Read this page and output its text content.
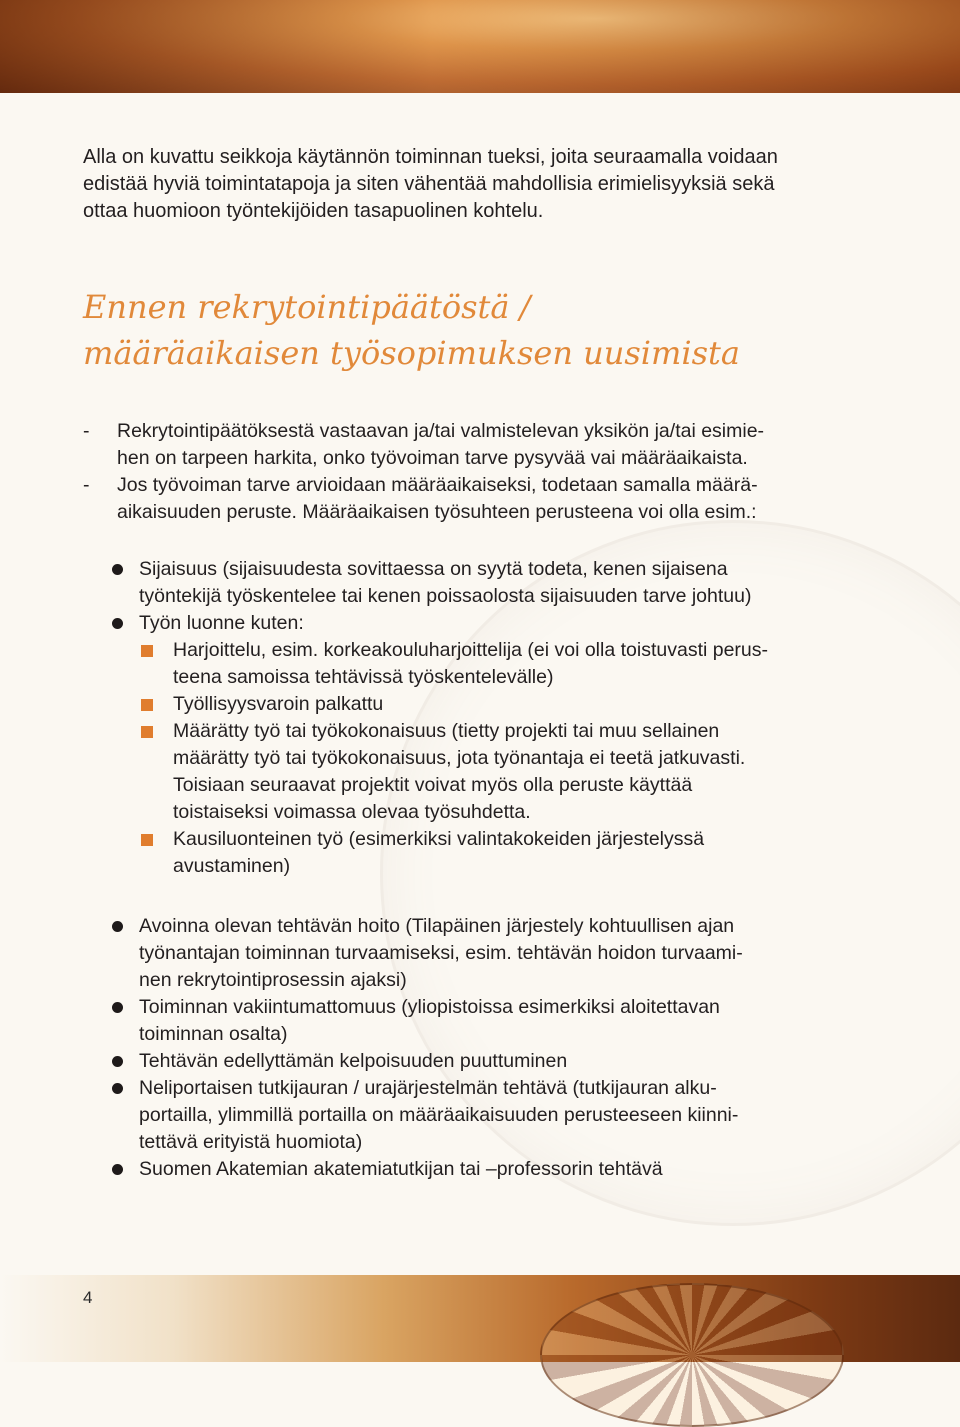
Alla on kuvattu seikkoja käytännön toiminnan tueksi, joita seuraamalla voidaan
edistää hyviä toimintatapoja ja siten vähentää mahdollisia erimielisyyksiä sekä
ottaa huomioon työntekijöiden tasapuolinen kohtelu.

Ennen rekrytointipäätöstä /
määräaikaisen työsopimuksen uusimista
- Rekrytointipäätöksestä vastaavan ja/tai valmistelevan yksikön ja/tai esimie-
hen on tarpeen harkita, onko työvoiman tarve pysyvää vai määräaikaista.
- Jos työvoiman tarve arvioidaan määräaikaiseksi, todetaan samalla määrä-
aikaisuuden peruste. Määräaikaisen työsuhteen perusteena voi olla esim.:
Sijaisuus (sijaisuudesta sovittaessa on syytä todeta, kenen sijaisena
työntekijä työskentelee tai kenen poissaolosta sijaisuuden tarve johtuu)
Työn luonne kuten:
Harjoittelu, esim. korkeakouluharjoittelija (ei voi olla toistuvasti perus-
teena samoissa tehtävissä työskentelevälle)
Työllisyysvaroin palkattu
Määrätty työ tai työkokonaisuus (tietty projekti tai muu sellainen
määrätty työ tai työkokonaisuus, jota työnantaja ei teetä jatkuvasti.
Toisiaan seuraavat projektit voivat myös olla peruste käyttää
toistaiseksi voimassa olevaa työsuhdetta.
Kausiluonteinen työ (esimerkiksi valintakokeiden järjestelyssä
avustaminen)
Avoinna olevan tehtävän hoito (Tilapäinen järjestely kohtuullisen ajan
työnantajan toiminnan turvaamiseksi, esim. tehtävän hoidon turvaami-
nen rekrytointiprosessin ajaksi)
Toiminnan vakiintumattomuus (yliopistoissa esimerkiksi aloitettavan
toiminnan osalta)
Tehtävän edellyttämän kelpoisuuden puuttuminen
Neliportaisen tutkijauran / urajärjestelmän tehtävä (tutkijauran alku-
portailla, ylimmillä portailla on määräaikaisuuden perusteeseen kiinni-
tettävä erityistä huomiota)
Suomen Akatemian akatemiatutkijan tai –professorin tehtävä
4
